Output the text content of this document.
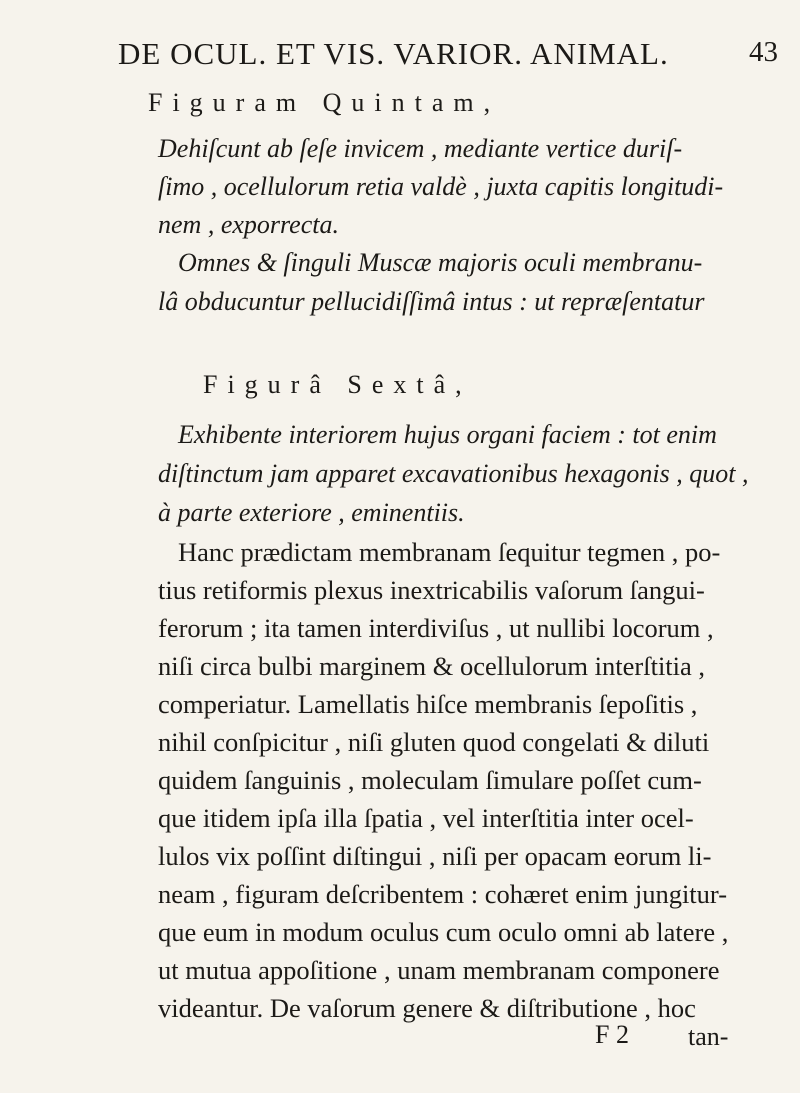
DE OCUL. ET VIS. VARIOR. ANIMAL.	43
Figuram Quintam,
Dehiſcunt ab ſeſe invicem , mediante vertice duriſ-
ſimo , ocellulorum retia valdè , juxta capitis longitudi-
nem , exporrecta.
Omnes & ſinguli Muscæ majoris oculi membranu-
lâ obducuntur pellucidiſſimâ intus : ut repræſentatur
Figurâ Sextâ,
Exhibente interiorem hujus organi faciem : tot enim
diſtinctum jam apparet excavationibus hexagonis , quot ,
à parte exteriore , eminentiis.
Hanc prædictam membranam ſequitur tegmen , po-
tius retiformis plexus inextricabilis vaſorum ſangui-
ferorum ; ita tamen interdiviſus , ut nullibi locorum ,
niſi circa bulbi marginem & ocellulorum interſtitia ,
comperiatur. Lamellatis hiſce membranis ſepoſitis ,
nihil conſpicitur , niſi gluten quod congelati & diluti
quidem ſanguinis , moleculam ſimulare poſſet cum-
que itidem ipſa illa ſpatia , vel interſtitia inter ocel-
lulos vix poſſint diſtingui , niſi per opacam eorum li-
neam , figuram deſcribentem : cohæret enim jungitur-
que eum in modum oculus cum oculo omni ab latere ,
ut mutua appoſitione , unam membranam componere
videantur. De vaſorum genere & diſtributione , hoc
F 2 tan-
